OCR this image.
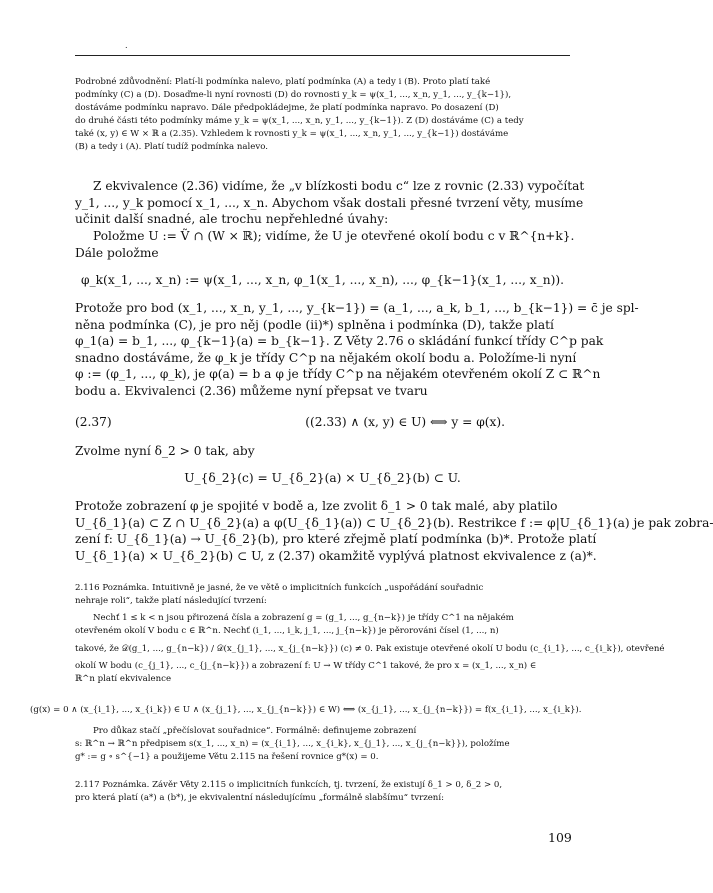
.

Podrobné zdůvodnění: Platí-li podmínka nalevo, platí podmínka (A) a tedy i (B). Proto platí také

podmínky (C) a (D). Dosaďme-li nyní rovnosti (D) do rovnosti y_k = ψ(x_1, ..., x_n, y_1, ..., y_{k−1}),

dostáváme podmínku napravo. Dále předpokládejme, že platí podmínka napravo. Po dosazení (D)

do druhé části této podmínky máme y_k = ψ(x_1, ..., x_n, y_1, ..., y_{k−1}). Z (D) dostáváme (C) a tedy

také (x, y) ∈ W × ℝ a (2.35). Vzhledem k rovnosti y_k = ψ(x_1, ..., x_n, y_1, ..., y_{k−1}) dostáváme

(B) a tedy i (A). Platí tudíž podmínka nalevo.

Z ekvivalence (2.36) vidíme, že „v blízkosti bodu c“ lze z rovnic (2.33) vypočítat

y_1, ..., y_k pomocí x_1, ..., x_n. Abychom však dostali přesné tvrzení věty, musíme

učinit další snadné, ale trochu nepřehledné úvahy:

Položme U := Ṽ ∩ (W × ℝ); vidíme, že U je otevřené okolí bodu c v ℝ^{n+k}.

Dále položme

φ_k(x_1, ..., x_n) := ψ(x_1, ..., x_n, φ_1(x_1, ..., x_n), ..., φ_{k−1}(x_1, ..., x_n)).

Protože pro bod (x_1, ..., x_n, y_1, ..., y_{k−1}) = (a_1, ..., a_k, b_1, ..., b_{k−1}) = c̄ je spl-

něna podmínka (C), je pro něj (podle (ii)*) splněna i podmínka (D), takže platí

φ_1(a) = b_1, ..., φ_{k−1}(a) = b_{k−1}. Z Věty 2.76 o skládání funkcí třídy C^p pak

snadno dostáváme, že φ_k je třídy C^p na nějakém okolí bodu a. Položíme-li nyní

φ := (φ_1, ..., φ_k), je φ(a) = b a φ je třídy C^p na nějakém otevřeném okolí Z ⊂ ℝ^n

bodu a. Ekvivalenci (2.36) můžeme nyní přepsat ve tvaru

(2.37)	((2.33) ∧ (x, y) ∈ U) ⟺ y = φ(x).

Zvolme nyní δ_2 > 0 tak, aby

U_{δ_2}(c) = U_{δ_2}(a) × U_{δ_2}(b) ⊂ U.

Protože zobrazení φ je spojité v bodě a, lze zvolit δ_1 > 0 tak malé, aby platilo

U_{δ_1}(a) ⊂ Z ∩ U_{δ_2}(a) a φ(U_{δ_1}(a)) ⊂ U_{δ_2}(b). Restrikce f := φ|U_{δ_1}(a) je pak zobra-

zení f: U_{δ_1}(a) → U_{δ_2}(b), pro které zřejmě platí podmínka (b)*. Protože platí

U_{δ_1}(a) × U_{δ_2}(b) ⊂ U, z (2.37) okamžitě vyplývá platnost ekvivalence z (a)*.

2.116 Poznámka. Intuitivně je jasné, že ve větě o implicitních funkcích „uspořádání souřadnic

nehraje roli“, takže platí následující tvrzení:

Nechť 1 ≤ k < n jsou přirozená čísla a zobrazení g = (g_1, ..., g_{n−k}) je třídy C^1 na nějakém

otevřeném okolí V bodu c ∈ ℝ^n. Nechť (i_1, ..., i_k, j_1, ..., j_{n−k}) je pěrorováni čísel (1, ..., n)

takové, že 𝒟(g_1, ..., g_{n−k}) / 𝒟(x_{j_1}, ..., x_{j_{n−k}}) (c) ≠ 0. Pak existuje otevřené okolí U bodu (c_{i_1}, ..., c_{i_k}), otevřené

okolí W bodu (c_{j_1}, ..., c_{j_{n−k}}) a zobrazení f: U → W třídy C^1 takové, že pro x = (x_1, ..., x_n) ∈

ℝ^n platí ekvivalence

(g(x) = 0 ∧ (x_{i_1}, ..., x_{i_k}) ∈ U ∧ (x_{j_1}, ..., x_{j_{n−k}}) ∈ W) ⟺ (x_{j_1}, ..., x_{j_{n−k}}) = f(x_{i_1}, ..., x_{i_k}).

Pro důkaz stačí „přečíslovat souřadnice“. Formálně: definujeme zobrazení

s: ℝ^n → ℝ^n předpisem s(x_1, ..., x_n) = (x_{i_1}, ..., x_{i_k}, x_{j_1}, ..., x_{j_{n−k}}), položíme

g* := g ∘ s^{−1} a použijeme Větu 2.115 na řešení rovnice g*(x) = 0.

2.117 Poznámka. Závěr Věty 2.115 o implicitních funkcích, tj. tvrzení, že existují δ_1 > 0, δ_2 > 0,

pro která platí (a*) a (b*), je ekvivalentní následujícímu „formálně slabšímu“ tvrzení:

109
